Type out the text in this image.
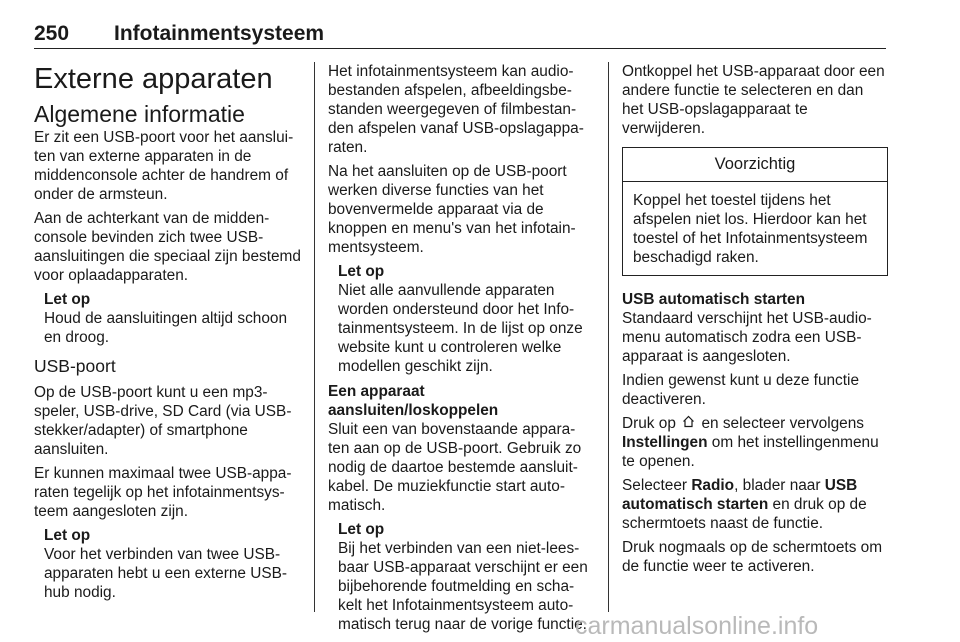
250 Infotainmentsysteem
Externe apparaten
Algemene informatie

Er zit een USB-poort voor het aanslui-ten van externe apparaten in de middenconsole achter de handrem of onder de armsteun.

Aan de achterkant van de midden-console bevinden zich twee USB-aansluitingen die speciaal zijn bestemd voor oplaadapparaten.

Let op
Houd de aansluitingen altijd schoon en droog.
USB-poort

Op de USB-poort kunt u een mp3-speler, USB-drive, SD Card (via USB-stekker/adapter) of smartphone aansluiten.

Er kunnen maximaal twee USB-appa-raten tegelijk op het infotainmentsys-teem aangesloten zijn.

Let op
Voor het verbinden van twee USB-apparaten hebt u een externe USB-hub nodig.

Het infotainmentsysteem kan audio-bestanden afspelen, afbeeldingsbe-standen weergegeven of filmbestan-den afspelen vanaf USB-opslagappa-raten.

Na het aansluiten op de USB-poort werken diverse functies van het bovenvermelde apparaat via de knoppen en menu's van het infotain-mentsysteem.

Let op
Niet alle aanvullende apparaten worden ondersteund door het Info-tainmentsysteem. In de lijst op onze website kunt u controleren welke modellen geschikt zijn.
Een apparaat aansluiten/loskoppelen

Sluit een van bovenstaande appara-ten aan op de USB-poort. Gebruik zo nodig de daartoe bestemde aansluit-kabel. De muziekfunctie start auto-matisch.

Let op
Bij het verbinden van een niet-lees-baar USB-apparaat verschijnt er een bijbehorende foutmelding en scha-kelt het Infotainmentsysteem auto-matisch terug naar de vorige functie.

Ontkoppel het USB-apparaat door een andere functie te selecteren en dan het USB-opslagapparaat te verwijderen.

Voorzichtig
Koppel het toestel tijdens het afspelen niet los. Hierdoor kan het toestel of het Infotainmentsysteem beschadigd raken.
USB automatisch starten

Standaard verschijnt het USB-audio-menu automatisch zodra een USB-apparaat is aangesloten.

Indien gewenst kunt u deze functie deactiveren.

Druk op en selecteer vervolgens Instellingen om het instellingenmenu te openen.

Selecteer Radio, blader naar USB automatisch starten en druk op de schermtoets naast de functie.

Druk nogmaals op de schermtoets om de functie weer te activeren.

carmanualsonline.info
